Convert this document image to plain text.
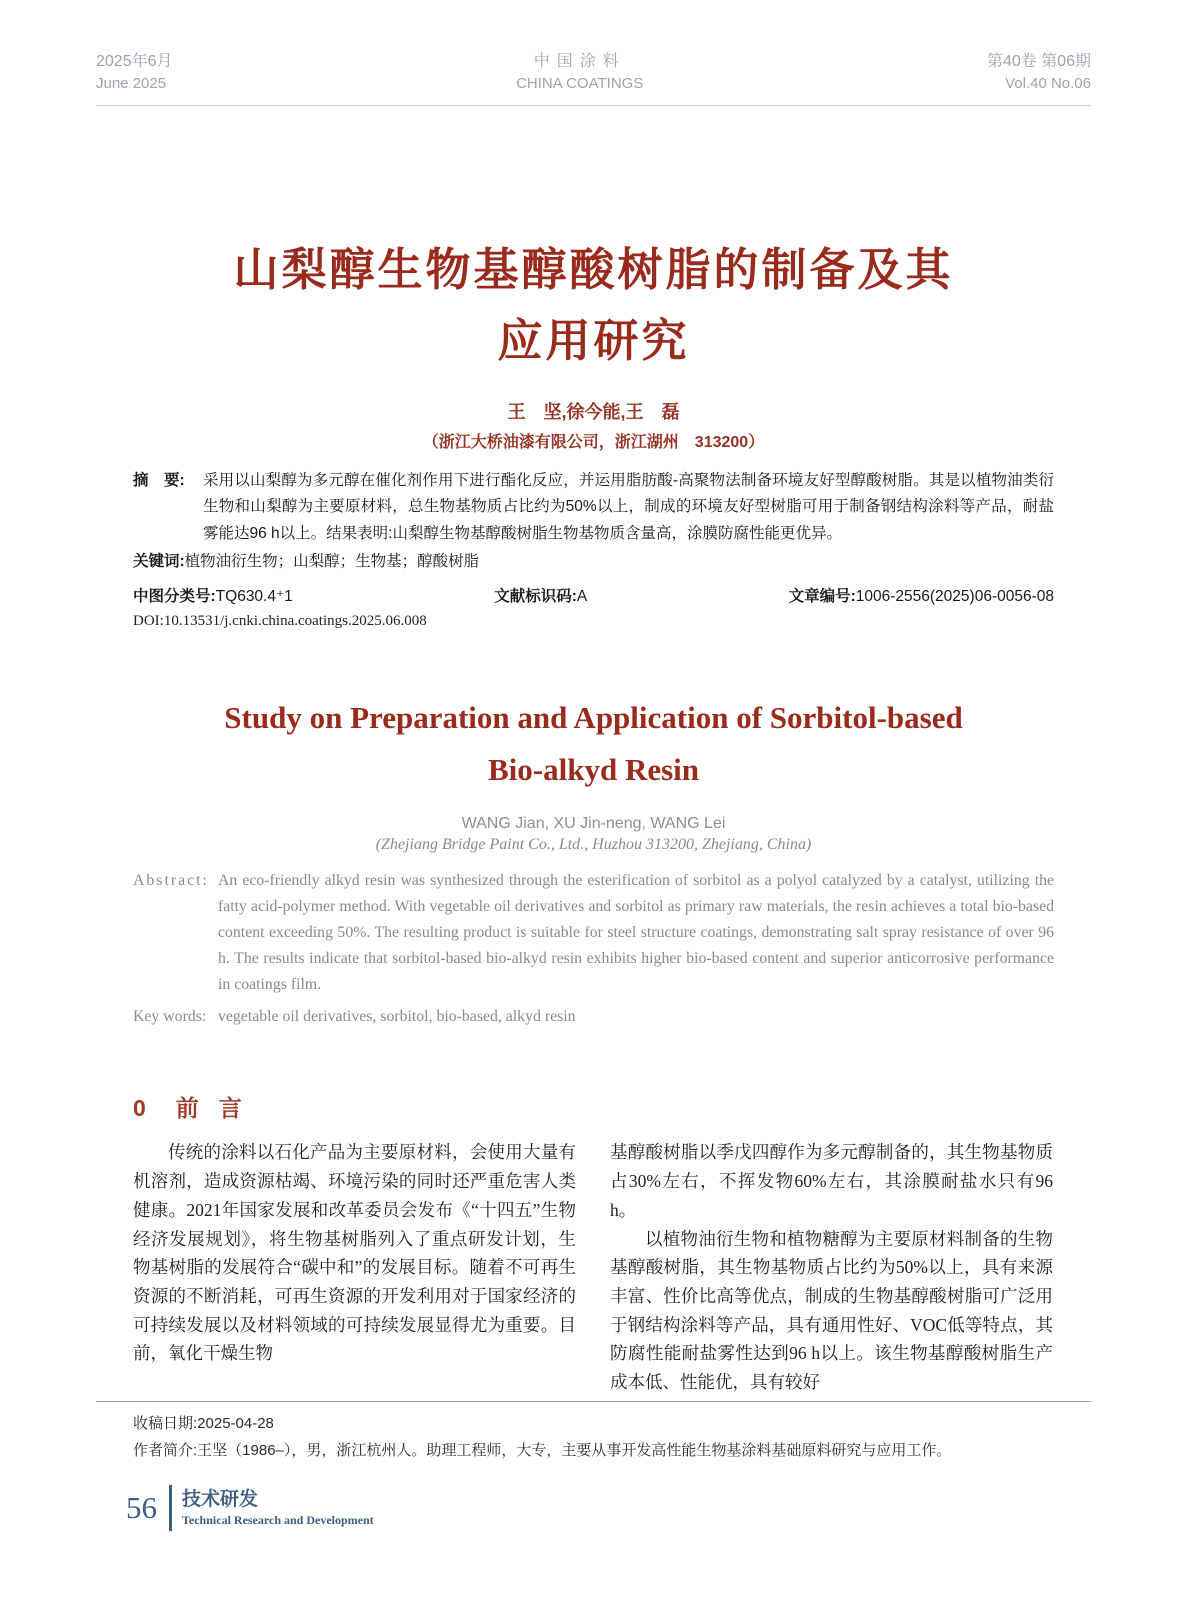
2025年6月
June 2025
中国涂料
CHINA COATINGS
第40卷 第06期
Vol.40 No.06
山梨醇生物基醇酸树脂的制备及其
应用研究
王　坚,徐今能,王　磊
（浙江大桥油漆有限公司，浙江湖州　313200）
摘　要: 采用以山梨醇为多元醇在催化剂作用下进行酯化反应，并运用脂肪酸-高聚物法制备环境友好型醇酸树脂。其是以植物油类衍生物和山梨醇为主要原材料，总生物基物质占比约为50%以上，制成的环境友好型树脂可用于制备钢结构涂料等产品，耐盐雾能达96 h以上。结果表明:山梨醇生物基醇酸树脂生物基物质含量高，涂膜防腐性能更优异。
关键词:植物油衍生物；山梨醇；生物基；醇酸树脂
中图分类号:TQ630.4⁺1	文献标识码:A	文章编号:1006-2556(2025)06-0056-08
DOI:10.13531/j.cnki.china.coatings.2025.06.008
Study on Preparation and Application of Sorbitol-based
Bio-alkyd Resin
WANG Jian, XU Jin-neng, WANG Lei
(Zhejiang Bridge Paint Co., Ltd., Huzhou 313200, Zhejiang, China)
Abstract: An eco-friendly alkyd resin was synthesized through the esterification of sorbitol as a polyol catalyzed by a catalyst, utilizing the fatty acid-polymer method. With vegetable oil derivatives and sorbitol as primary raw materials, the resin achieves a total bio-based content exceeding 50%. The resulting product is suitable for steel structure coatings, demonstrating salt spray resistance of over 96 h. The results indicate that sorbitol-based bio-alkyd resin exhibits higher bio-based content and superior anticorrosive performance in coatings film.
Key words: vegetable oil derivatives, sorbitol, bio-based, alkyd resin
0 前言

传统的涂料以石化产品为主要原材料，会使用大量有机溶剂，造成资源枯竭、环境污染的同时还严重危害人类健康。2021年国家发展和改革委员会发布《“十四五”生物经济发展规划》，将生物基树脂列入了重点研发计划，生物基树脂的发展符合“碳中和”的发展目标。随着不可再生资源的不断消耗，可再生资源的开发利用对于国家经济的可持续发展以及材料领域的可持续发展显得尤为重要。目前，氧化干燥生物

基醇酸树脂以季戊四醇作为多元醇制备的，其生物基物质占30%左右，不挥发物60%左右，其涂膜耐盐水只有96 h。

以植物油衍生物和植物糖醇为主要原材料制备的生物基醇酸树脂，其生物基物质占比约为50%以上，具有来源丰富、性价比高等优点，制成的生物基醇酸树脂可广泛用于钢结构涂料等产品，具有通用性好、VOC低等特点，其防腐性能耐盐雾性达到96 h以上。该生物基醇酸树脂生产成本低、性能优，具有较好

收稿日期:2025-04-28
作者简介:王坚（1986–），男，浙江杭州人。助理工程师，大专，主要从事开发高性能生物基涂料基础原料研究与应用工作。
56 技术研发
Technical Research and Development
